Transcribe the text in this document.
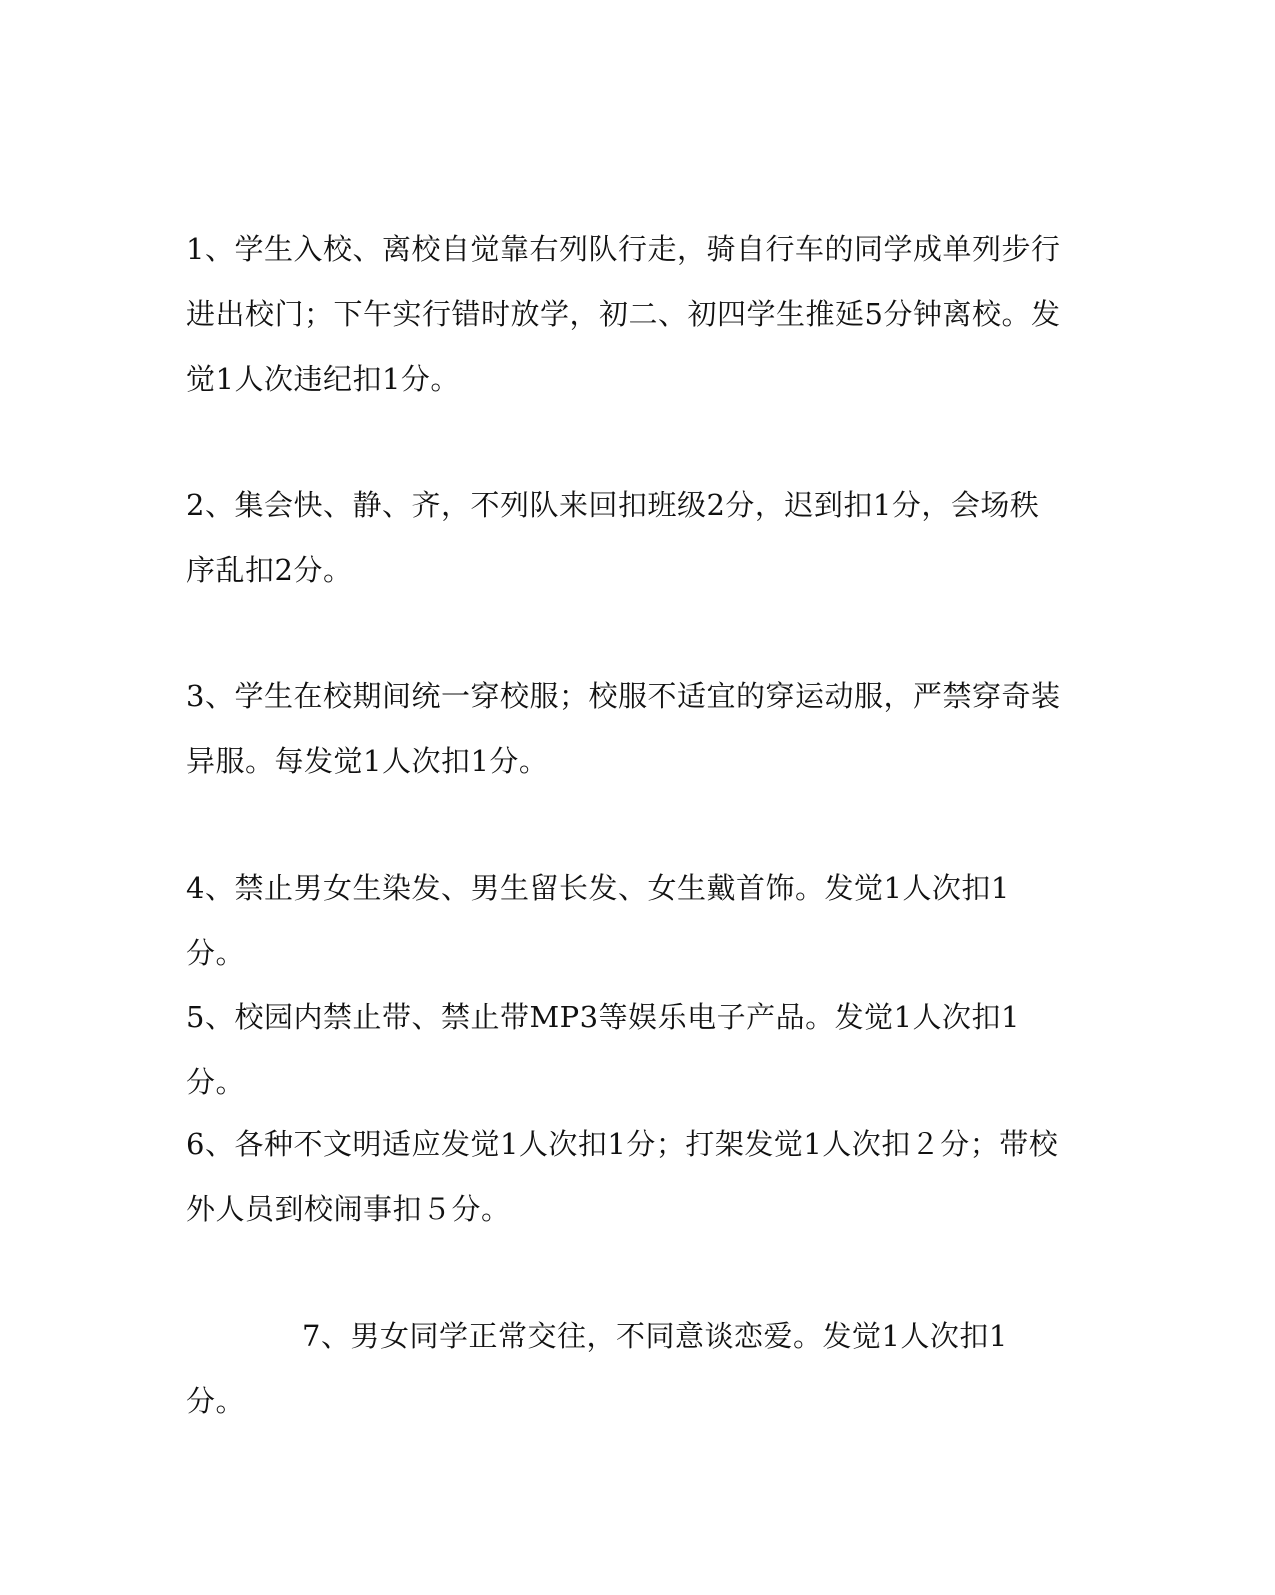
1、学生入校、离校自觉靠右列队行走，骑自行车的同学成单列步行进出校门；下午实行错时放学，初二、初四学生推延5分钟离校。发觉1人次违纪扣1分。

2、集会快、静、齐，不列队来回扣班级2分，迟到扣1分，会场秩序乱扣2分。

3、学生在校期间统一穿校服；校服不适宜的穿运动服，严禁穿奇装异服。每发觉1人次扣1分。

4、禁止男女生染发、男生留长发、女生戴首饰。发觉1人次扣1分。

5、校园内禁止带、禁止带MP3等娱乐电子产品。发觉1人次扣1分。

6、各种不文明适应发觉1人次扣1分；打架发觉1人次扣２分；带校外人员到校闹事扣５分。

7、男女同学正常交往，不同意谈恋爱。发觉1人次扣1分。
